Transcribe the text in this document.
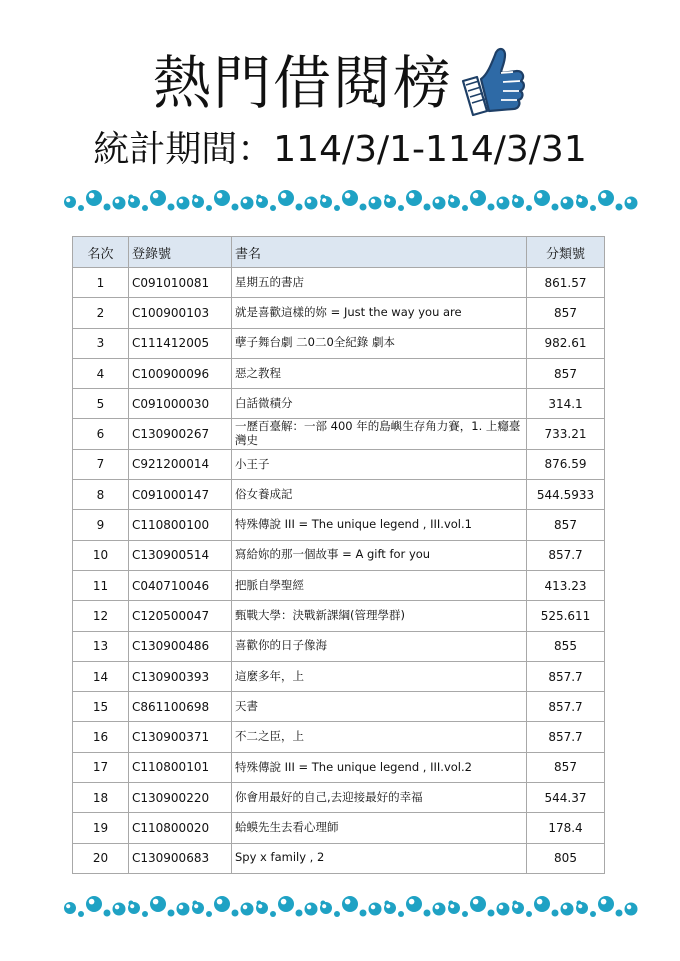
熱門借閱榜
統計期間：114/3/1-114/3/31
名次	登錄號	書名	分類號
1	C091010081	星期五的書店	861.57
2	C100900103	就是喜歡這樣的妳 = Just the way you are	857
3	C111412005	孽子舞台劇 二0二0全紀錄 劇本	982.61
4	C100900096	惡之教程	857
5	C091000030	白話微積分	314.1
6	C130900267	一歷百臺解：一部 400 年的島嶼生存角力賽，1. 上癮臺灣史	733.21
7	C921200014	小王子	876.59
8	C091000147	俗女養成記	544.5933
9	C110800100	特殊傳說 III = The unique legend , III.vol.1	857
10	C130900514	寫給妳的那一個故事 = A gift for you	857.7
11	C040710046	把脈自學聖經	413.23
12	C120500047	甄戰大學：決戰新課綱(管理學群)	525.611
13	C130900486	喜歡你的日子像海	855
14	C130900393	這麼多年，上	857.7
15	C861100698	天書	857.7
16	C130900371	不二之臣，上	857.7
17	C110800101	特殊傳說 III = The unique legend , III.vol.2	857
18	C130900220	你會用最好的自己,去迎接最好的幸福	544.37
19	C110800020	蛤蟆先生去看心理師	178.4
20	C130900683	Spy x family , 2	805
